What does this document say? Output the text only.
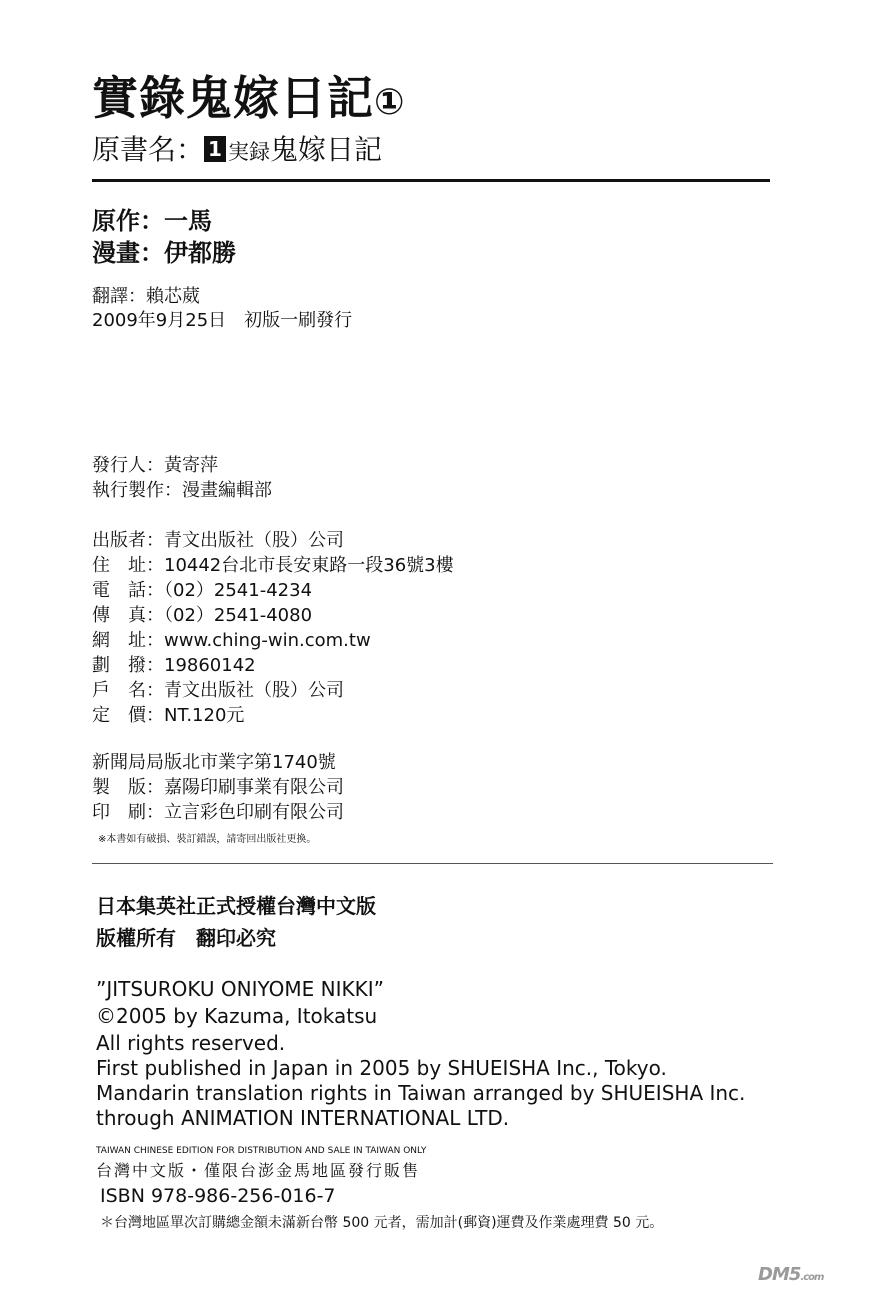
實錄鬼嫁日記①
原書名： 1 実録鬼嫁日記
原作：一馬
漫畫：伊都勝
翻譯：賴芯葳
2009年9月25日　初版一刷發行
發行人：黃寄萍
執行製作：漫畫編輯部
出版者：青文出版社（股）公司
住　址：10442台北市長安東路一段36號3樓
電　話：（02）2541-4234
傳　真：（02）2541-4080
網　址：www.ching-win.com.tw
劃　撥：19860142
戶　名：青文出版社（股）公司
定　價：NT.120元
新聞局局版北市業字第1740號
製　版：嘉陽印刷事業有限公司
印　刷：立言彩色印刷有限公司
※本書如有破損、裝訂錯誤，請寄回出版社更換。
日本集英社正式授權台灣中文版
版權所有　翻印必究
”JITSUROKU ONIYOME NIKKI”
©2005 by Kazuma, Itokatsu
All rights reserved.
First published in Japan in 2005 by SHUEISHA Inc., Tokyo.
Mandarin translation rights in Taiwan arranged by SHUEISHA Inc.
through ANIMATION INTERNATIONAL LTD.
TAIWAN CHINESE EDITION FOR DISTRIBUTION AND SALE IN TAIWAN ONLY
台灣中文版・僅限台澎金馬地區發行販售
ISBN 978-986-256-016-7
＊台灣地區單次訂購總金額未滿新台幣 500 元者，需加計(郵資)運費及作業處理費 50 元。
DM5.com
